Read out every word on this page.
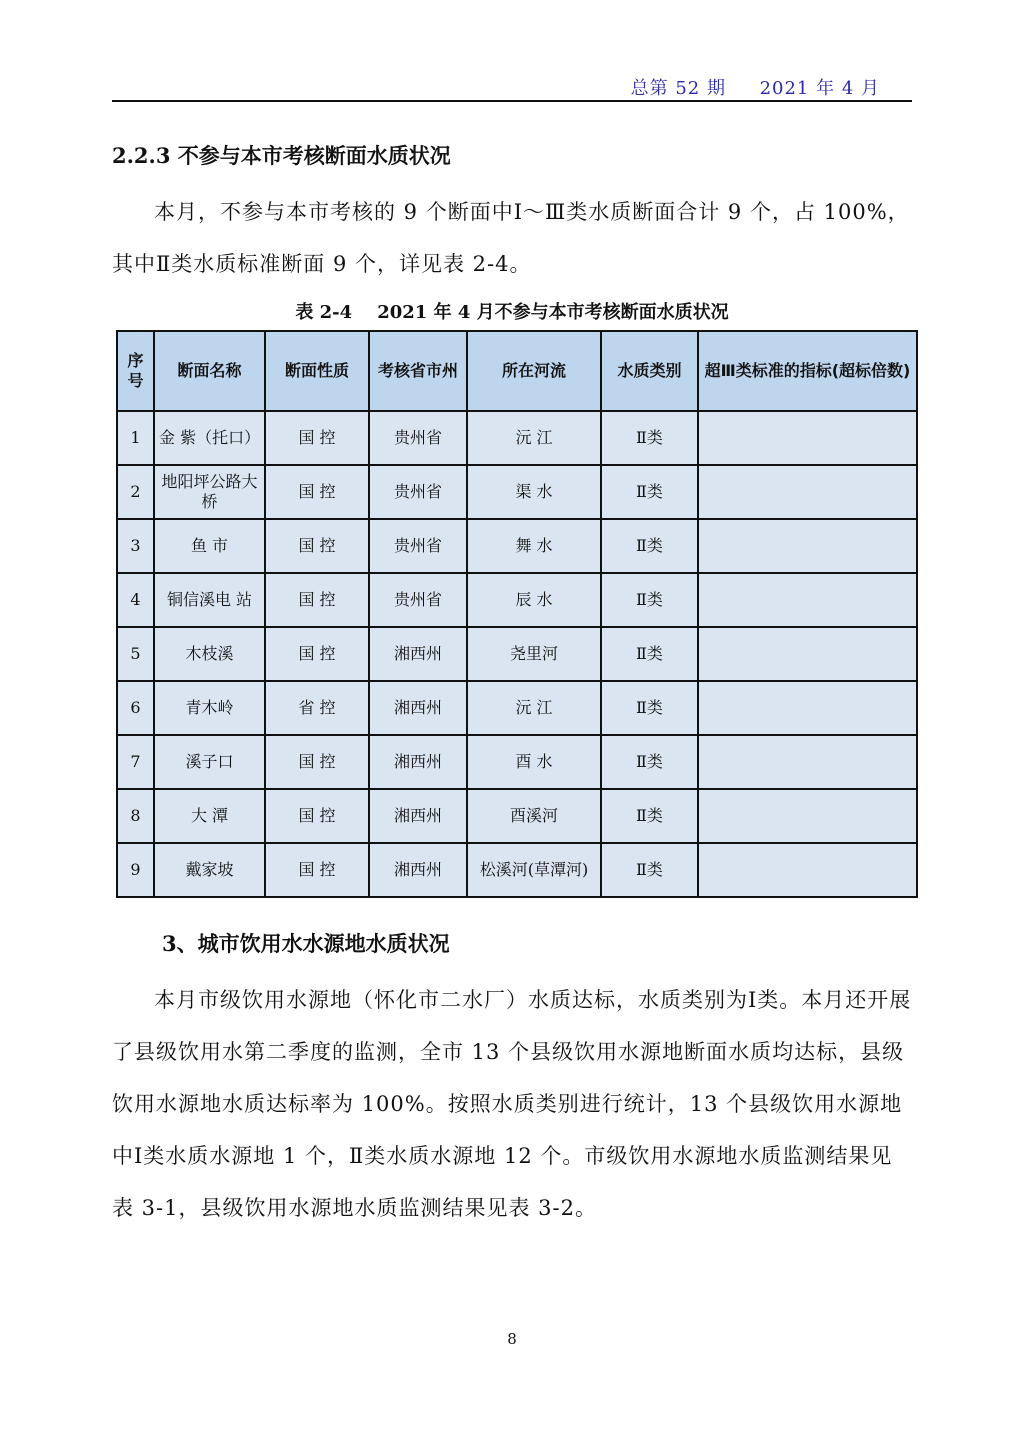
总第 52 期     2021 年 4 月
2.2.3 不参与本市考核断面水质状况

本月，不参与本市考核的 9 个断面中Ⅰ～Ⅲ类水质断面合计 9 个，占 100%，其中Ⅱ类水质标准断面 9 个，详见表 2-4。

表 2-4    2021 年 4 月不参与本市考核断面水质状况
序号	断面名称	断面性质	考核省市州	所在河流	水质类别	超Ⅲ类标准的指标(超标倍数)
1	金 紫（托口）	国 控	贵州省	沅 江	Ⅱ类	
2	地阳坪公路大桥	国 控	贵州省	渠 水	Ⅱ类	
3	鱼 市	国 控	贵州省	舞 水	Ⅱ类	
4	铜信溪电 站	国 控	贵州省	辰 水	Ⅱ类	
5	木枝溪	国 控	湘西州	尧里河	Ⅱ类	
6	青木岭	省 控	湘西州	沅 江	Ⅱ类	
7	溪子口	国 控	湘西州	酉 水	Ⅱ类	
8	大 潭	国 控	湘西州	酉溪河	Ⅱ类	
9	戴家坡	国 控	湘西州	松溪河(草潭河)	Ⅱ类	
3、城市饮用水水源地水质状况

本月市级饮用水源地（怀化市二水厂）水质达标，水质类别为Ⅰ类。本月还开展了县级饮用水第二季度的监测，全市 13 个县级饮用水源地断面水质均达标，县级饮用水源地水质达标率为 100%。按照水质类别进行统计，13 个县级饮用水源地中Ⅰ类水质水源地 1 个，Ⅱ类水质水源地 12 个。市级饮用水源地水质监测结果见表 3-1，县级饮用水源地水质监测结果见表 3-2。

8
